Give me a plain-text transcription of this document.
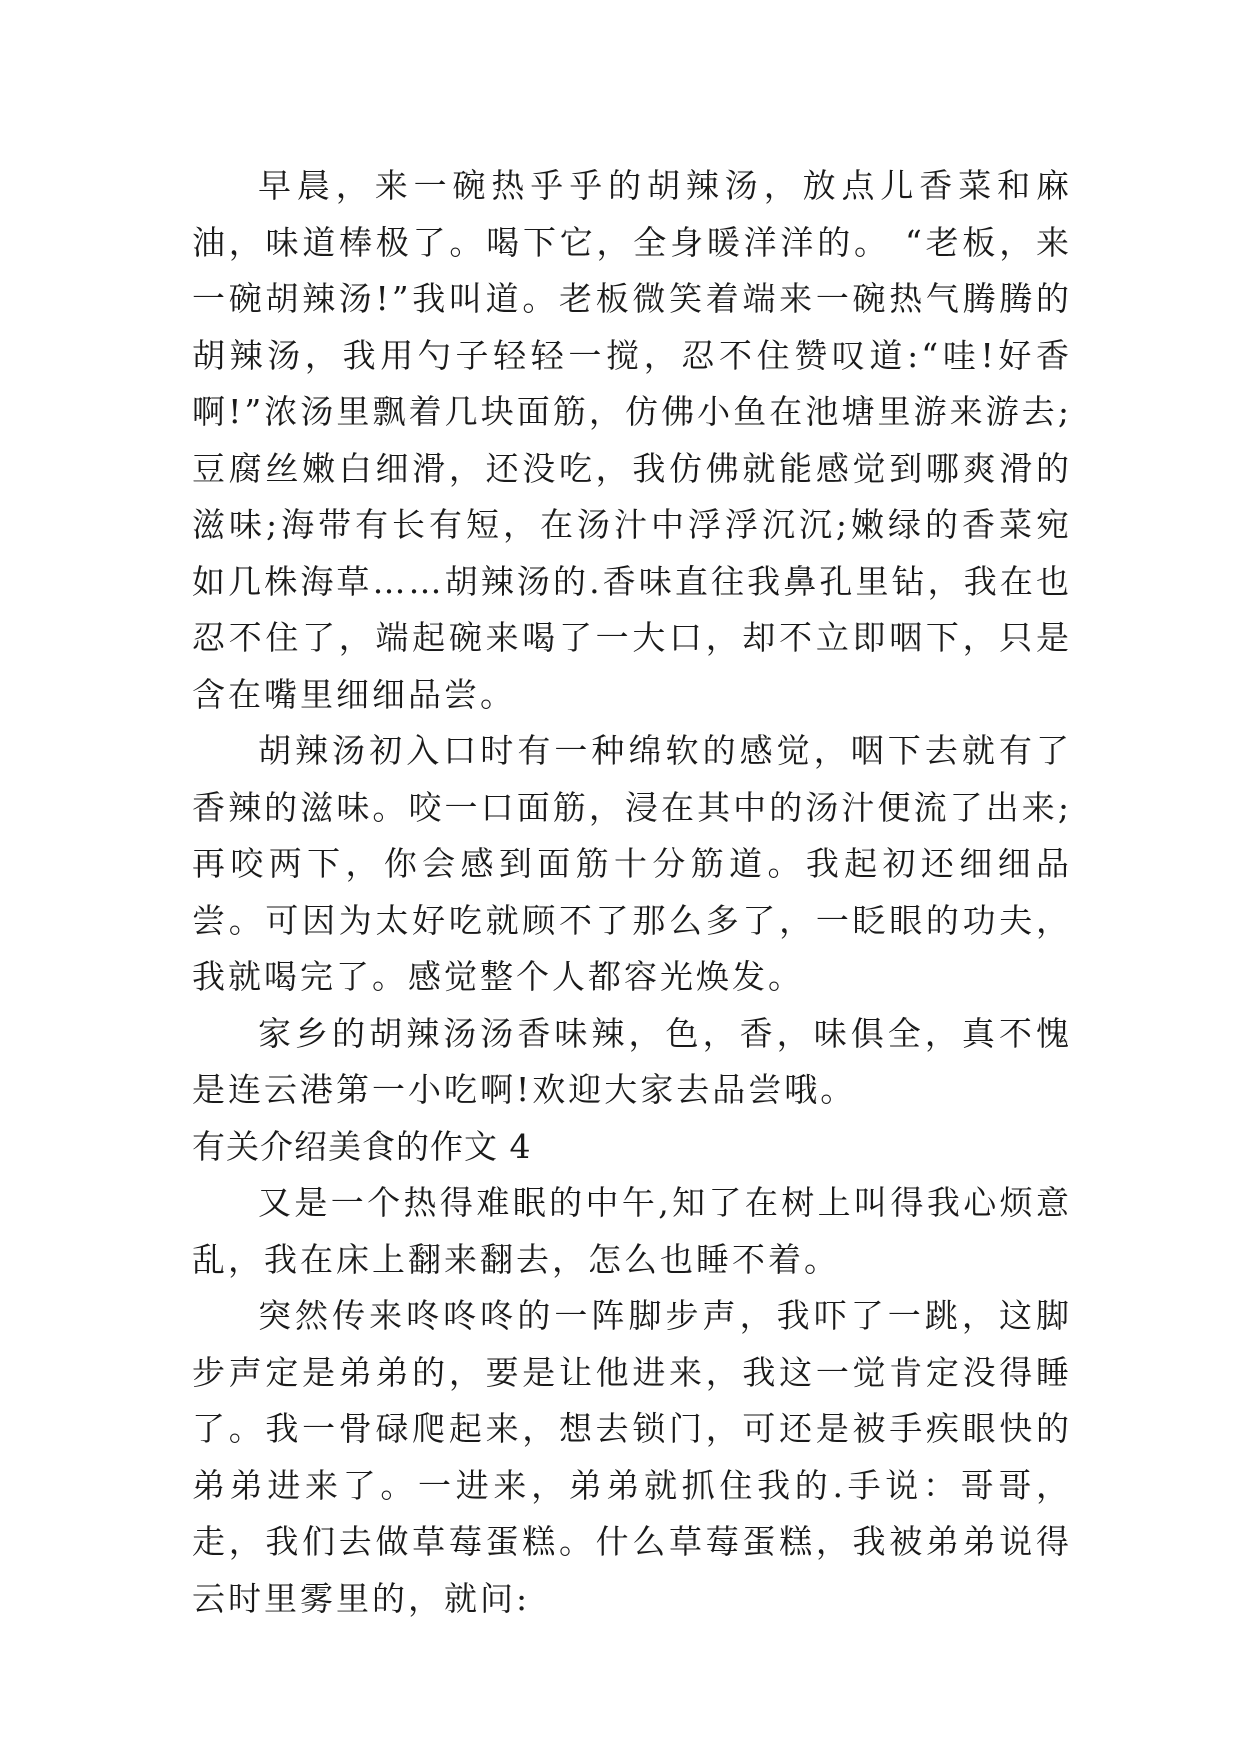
早晨，来一碗热乎乎的胡辣汤，放点儿香菜和麻油，味道棒极了。喝下它，全身暖洋洋的。 “老板，来一碗胡辣汤!”我叫道。老板微笑着端来一碗热气腾腾的胡辣汤，我用勺子轻轻一搅，忍不住赞叹道:“哇!好香啊!”浓汤里飘着几块面筋，仿佛小鱼在池塘里游来游去;豆腐丝嫩白细滑，还没吃，我仿佛就能感觉到哪爽滑的滋味;海带有长有短，在汤汁中浮浮沉沉;嫩绿的香菜宛如几株海草……胡辣汤的.香味直往我鼻孔里钻，我在也忍不住了，端起碗来喝了一大口，却不立即咽下，只是含在嘴里细细品尝。

胡辣汤初入口时有一种绵软的感觉，咽下去就有了香辣的滋味。咬一口面筋，浸在其中的汤汁便流了出来;再咬两下，你会感到面筋十分筋道。我起初还细细品尝。可因为太好吃就顾不了那么多了，一眨眼的功夫，我就喝完了。感觉整个人都容光焕发。

家乡的胡辣汤汤香味辣，色，香，味俱全，真不愧是连云港第一小吃啊!欢迎大家去品尝哦。

有关介绍美食的作文 4

又是一个热得难眠的中午,知了在树上叫得我心烦意乱，我在床上翻来翻去，怎么也睡不着。

突然传来咚咚咚的一阵脚步声，我吓了一跳，这脚步声定是弟弟的，要是让他进来，我这一觉肯定没得睡了。我一骨碌爬起来，想去锁门，可还是被手疾眼快的弟弟进来了。一进来，弟弟就抓住我的.手说：哥哥，走，我们去做草莓蛋糕。什么草莓蛋糕，我被弟弟说得云时里雾里的，就问:
